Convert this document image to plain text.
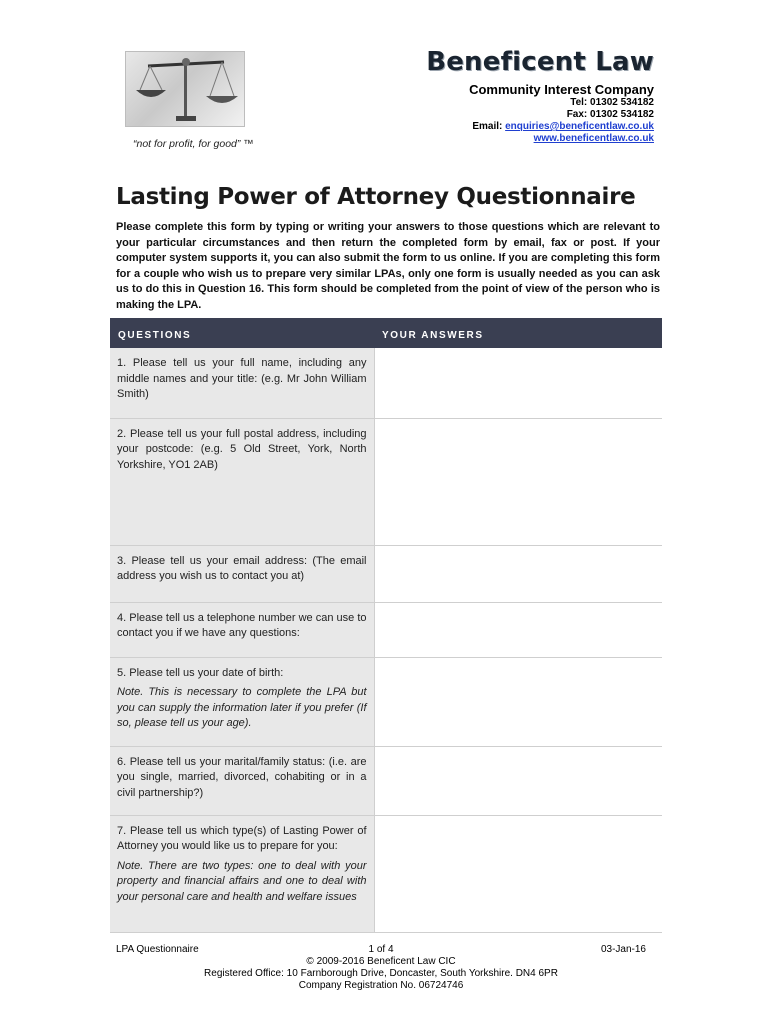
“not for profit, for good” ™
Beneficent Law
Community Interest Company
Tel: 01302 534182
Fax: 01302 534182
Email: enquiries@beneficentlaw.co.uk
www.beneficentlaw.co.uk
Lasting Power of Attorney Questionnaire
Please complete this form by typing or writing your answers to those questions which are relevant to your particular circumstances and then return the completed form by email, fax or post. If your computer system supports it, you can also submit the form to us online. If you are completing this form for a couple who wish us to prepare very similar LPAs, only one form is usually needed as you can ask us to do this in Question 16. This form should be completed from the point of view of the person who is making the LPA.
QUESTIONS	YOUR ANSWERS

1. Please tell us your full name, including any middle names and your title: (e.g. Mr John William Smith)	

2. Please tell us your full postal address, including your postcode: (e.g. 5 Old Street, York, North Yorkshire, YO1 2AB)	

3. Please tell us your email address: (The email address you wish us to contact you at)	

4. Please tell us a telephone number we can use to contact you if we have any questions:	

5. Please tell us your date of birth:
Note. This is necessary to complete the LPA but you can supply the information later if you prefer (If so, please tell us your age).	

6. Please tell us your marital/family status: (i.e. are you single, married, divorced, cohabiting or in a civil partnership?)	

7. Please tell us which type(s) of Lasting Power of Attorney you would like us to prepare for you:
Note. There are two types: one to deal with your property and financial affairs and one to deal with your personal care and health and welfare issues	

LPA Questionnaire	1 of 4	03-Jan-16
© 2009-2016 Beneficent Law CIC
Registered Office: 10 Farnborough Drive, Doncaster, South Yorkshire. DN4 6PR
Company Registration No. 06724746
